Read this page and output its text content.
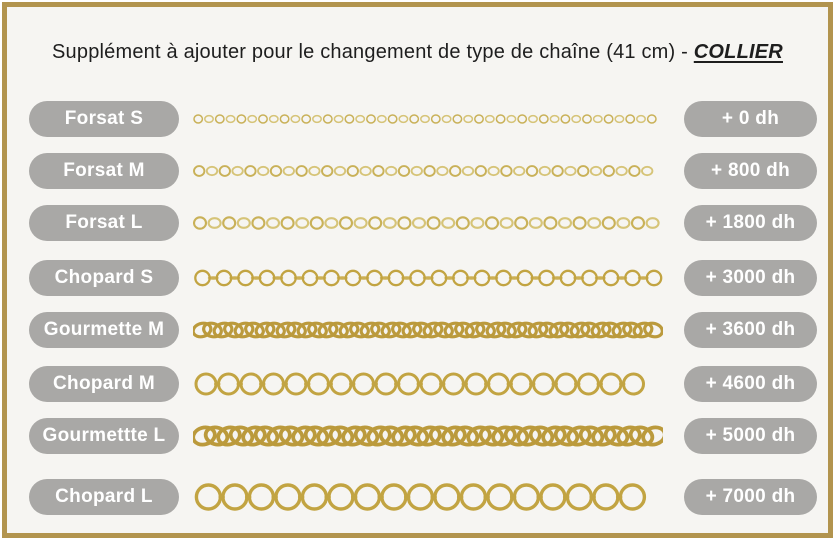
Supplément à ajouter pour le changement de type de chaîne (41 cm) - COLLIER
Forsat S	+ 0 dh
Forsat M	+ 800 dh
Forsat L	+ 1800 dh
Chopard S	+ 3000 dh
Gourmette M	+ 3600 dh
Chopard M	+ 4600 dh
Gourmettte L	+ 5000 dh
Chopard L	+ 7000 dh
